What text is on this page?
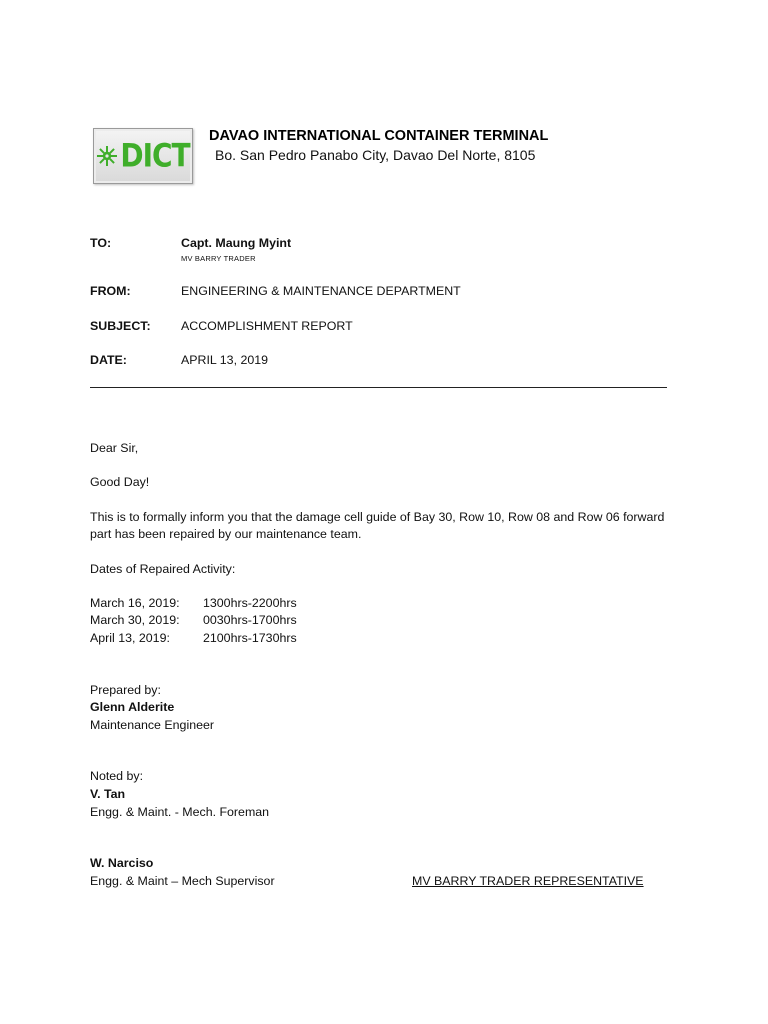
DICT
DAVAO INTERNATIONAL CONTAINER TERMINAL
Bo. San Pedro Panabo City, Davao Del Norte, 8105
TO:	Capt. Maung Myint
MV BARRY TRADER
FROM:	ENGINEERING & MAINTENANCE DEPARTMENT
SUBJECT: ACCOMPLISHMENT REPORT
DATE:	APRIL 13, 2019
Dear Sir,
Good Day!
This is to formally inform you that the damage cell guide of Bay 30, Row 10, Row 08 and Row 06 forward
part has been repaired by our maintenance team.
Dates of Repaired Activity:
March 16, 2019: 1300hrs-2200hrs
March 30, 2019: 0030hrs-1700hrs
April 13, 2019:	2100hrs-1730hrs
Prepared by:
Glenn Alderite
Maintenance Engineer
Noted by:
V. Tan
Engg. & Maint. - Mech. Foreman
W. Narciso
Engg. & Maint – Mech Supervisor	MV BARRY TRADER REPRESENTATIVE
